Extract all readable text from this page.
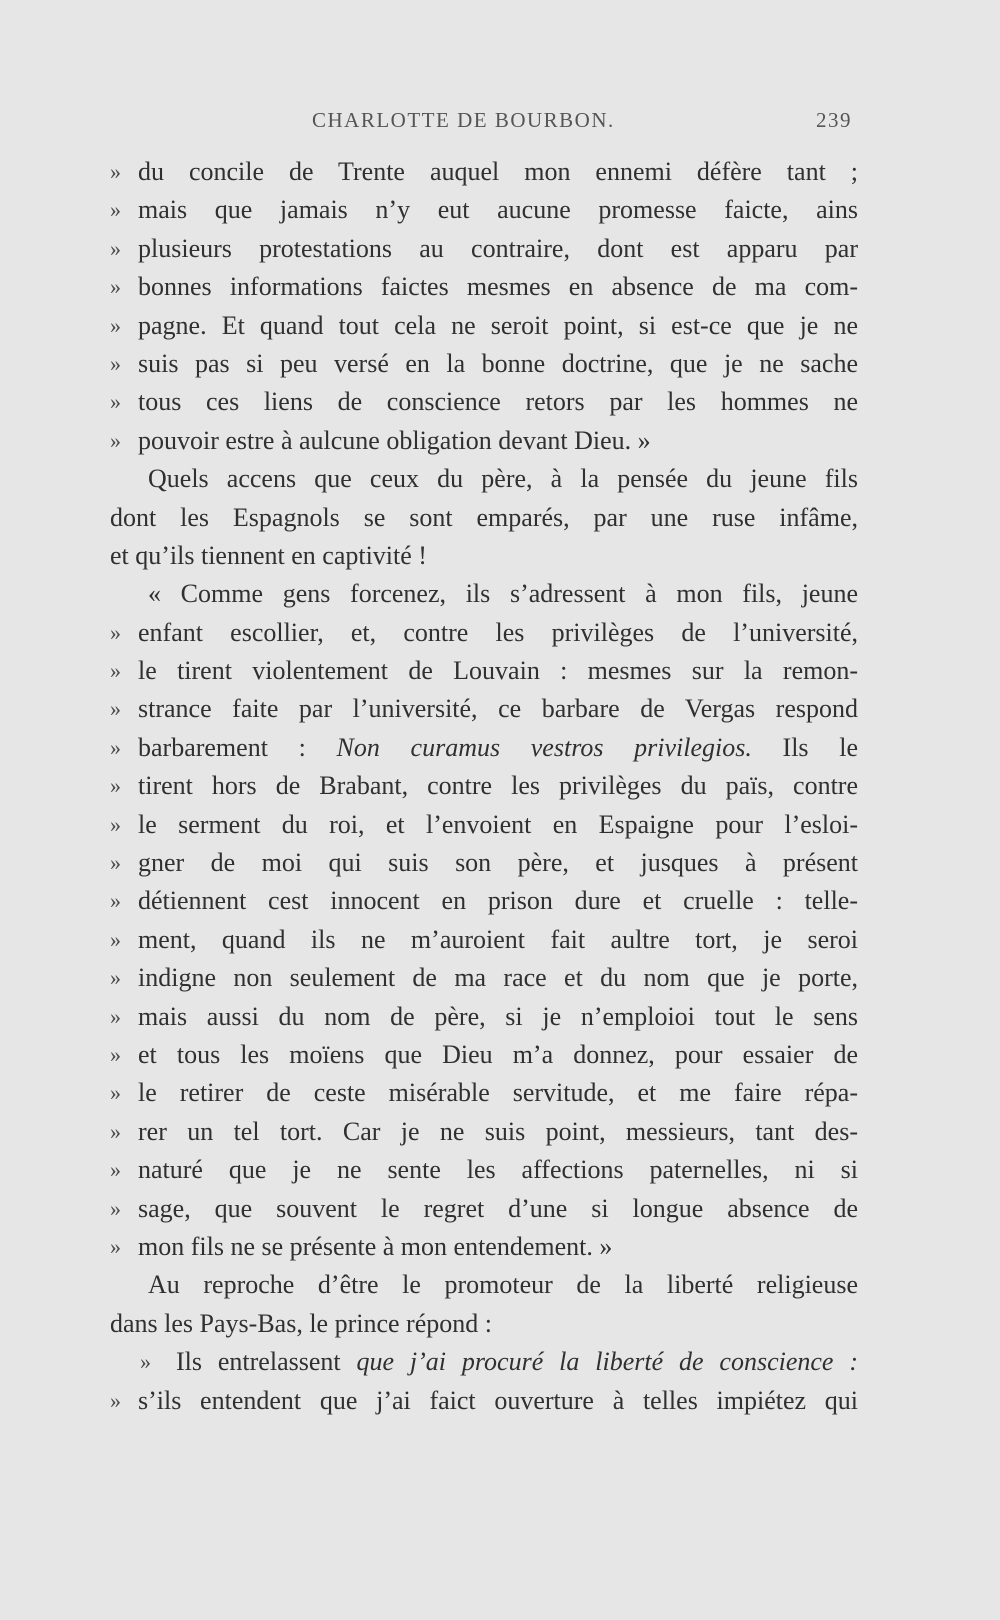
CHARLOTTE DE BOURBON.	239
» du concile de Trente auquel mon ennemi défère tant ;
» mais que jamais n’y eut aucune promesse faicte, ains
» plusieurs protestations au contraire, dont est apparu par
» bonnes informations faictes mesmes en absence de ma com-
» pagne. Et quand tout cela ne seroit point, si est-ce que je ne
» suis pas si peu versé en la bonne doctrine, que je ne sache
» tous ces liens de conscience retors par les hommes ne
» pouvoir estre à aulcune obligation devant Dieu. »
Quels accens que ceux du père, à la pensée du jeune fils
dont les Espagnols se sont emparés, par une ruse infâme,
et qu’ils tiennent en captivité !
« Comme gens forcenez, ils s’adressent à mon fils, jeune
» enfant escollier, et, contre les privilèges de l’université,
» le tirent violentement de Louvain : mesmes sur la remon-
» strance faite par l’université, ce barbare de Vergas respond
» barbarement : Non curamus vestros privilegios. Ils le
» tirent hors de Brabant, contre les privilèges du païs, contre
» le serment du roi, et l’envoient en Espaigne pour l’esloi-
» gner de moi qui suis son père, et jusques à présent
» détiennent cest innocent en prison dure et cruelle : telle-
» ment, quand ils ne m’auroient fait aultre tort, je seroi
» indigne non seulement de ma race et du nom que je porte,
» mais aussi du nom de père, si je n’emploioi tout le sens
» et tous les moïens que Dieu m’a donnez, pour essaier de
» le retirer de ceste misérable servitude, et me faire répa-
» rer un tel tort. Car je ne suis point, messieurs, tant des-
» naturé que je ne sente les affections paternelles, ni si
» sage, que souvent le regret d’une si longue absence de
» mon fils ne se présente à mon entendement. »
Au reproche d’être le promoteur de la liberté religieuse
dans les Pays-Bas, le prince répond :
» Ils entrelassent que j’ai procuré la liberté de conscience :
» s’ils entendent que j’ai faict ouverture à telles impiétez qui
